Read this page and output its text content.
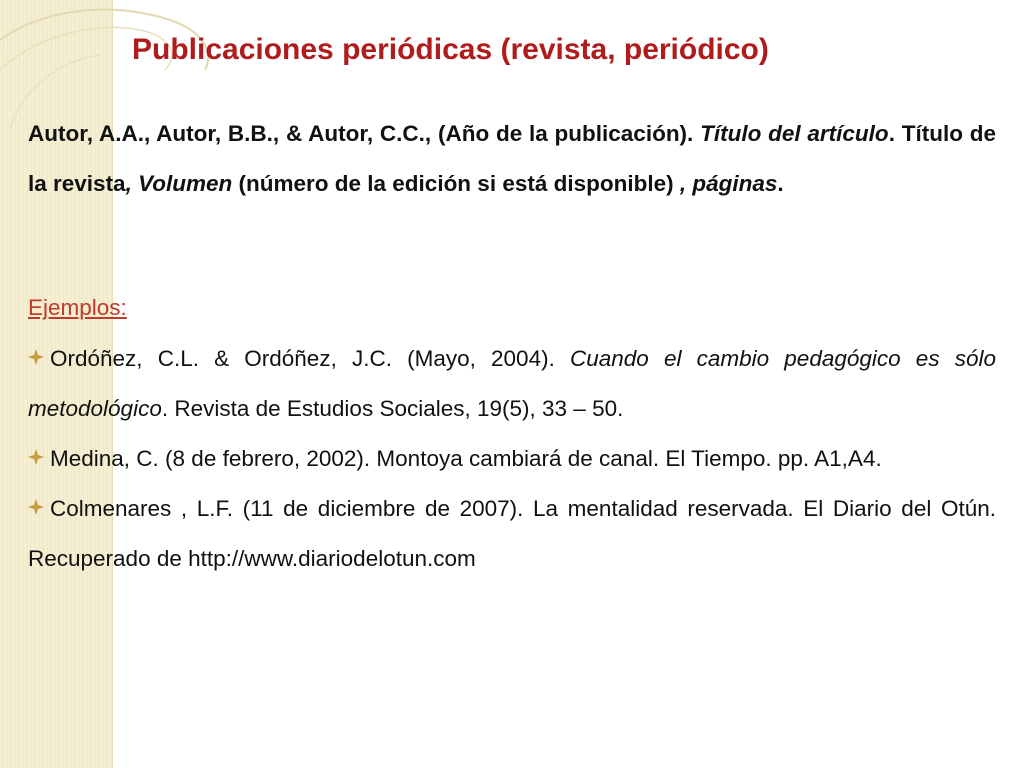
Publicaciones periódicas (revista, periódico)

Autor, A.A., Autor, B.B., & Autor, C.C., (Año de la publicación). Título del artículo. Título de la revista, Volumen (número de la edición si está disponible) , páginas.

Ejemplos:
Ordóñez, C.L. & Ordóñez, J.C. (Mayo, 2004). Cuando el cambio pedagógico es sólo metodológico. Revista de Estudios Sociales, 19(5), 33 – 50.
Medina, C. (8 de febrero, 2002). Montoya cambiará de canal. El Tiempo. pp. A1,A4.
Colmenares , L.F. (11 de diciembre de 2007). La mentalidad reservada. El Diario del Otún. Recuperado de http://www.diariodelotun.com
